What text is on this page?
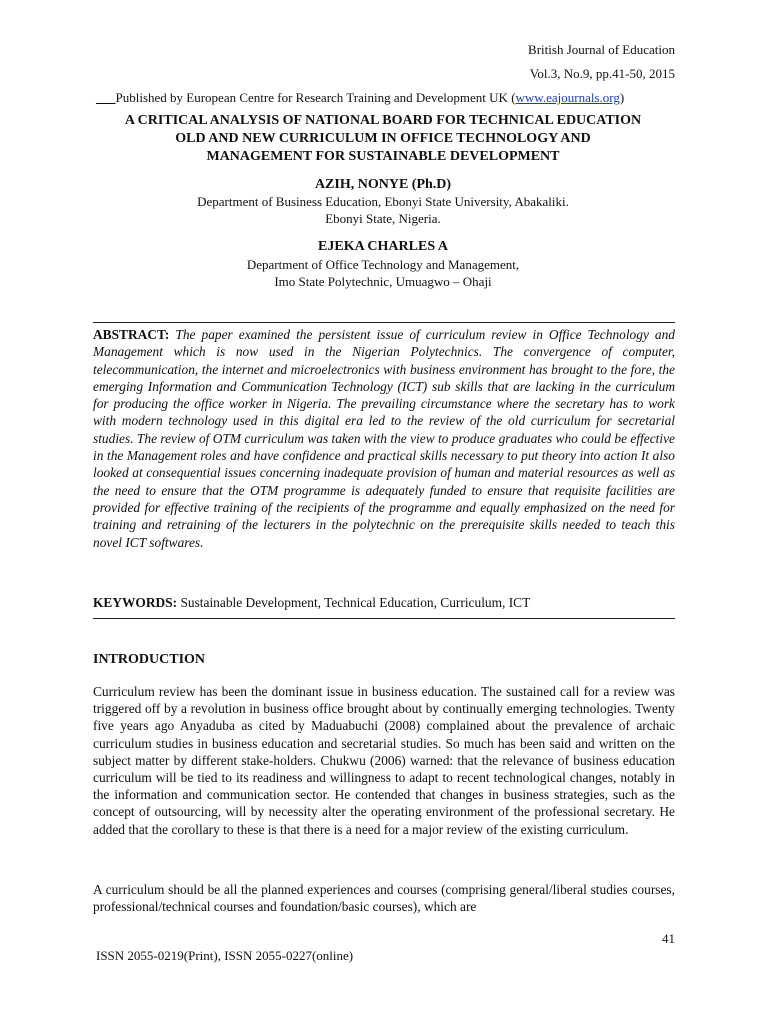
British Journal of Education
Vol.3, No.9, pp.41-50, 2015
___Published by European Centre for Research Training and Development UK (www.eajournals.org)
A CRITICAL ANALYSIS OF NATIONAL BOARD FOR TECHNICAL EDUCATION
OLD AND NEW CURRICULUM IN OFFICE TECHNOLOGY AND
MANAGEMENT FOR SUSTAINABLE DEVELOPMENT
AZIH, NONYE (Ph.D)
Department of Business Education, Ebonyi State University, Abakaliki.
Ebonyi State, Nigeria.
EJEKA CHARLES A
Department of Office Technology and Management,
Imo State Polytechnic, Umuagwo – Ohaji
ABSTRACT: The paper examined the persistent issue of curriculum review in Office Technology and Management which is now used in the Nigerian Polytechnics. The convergence of computer, telecommunication, the internet and microelectronics with business environment has brought to the fore, the emerging Information and Communication Technology (ICT) sub skills that are lacking in the curriculum for producing the office worker in Nigeria. The prevailing circumstance where the secretary has to work with modern technology used in this digital era led to the review of the old curriculum for secretarial studies. The review of OTM curriculum was taken with the view to produce graduates who could be effective in the Management roles and have confidence and practical skills necessary to put theory into action It also looked at consequential issues concerning inadequate provision of human and material resources as well as the need to ensure that the OTM programme is adequately funded to ensure that requisite facilities are provided for effective training of the recipients of the programme and equally emphasized on the need for training and retraining of the lecturers in the polytechnic on the prerequisite skills needed to teach this novel ICT softwares.
KEYWORDS: Sustainable Development, Technical Education, Curriculum, ICT
INTRODUCTION
Curriculum review has been the dominant issue in business education. The sustained call for a review was triggered off by a revolution in business office brought about by continually emerging technologies. Twenty five years ago Anyaduba as cited by Maduabuchi (2008) complained about the prevalence of archaic curriculum studies in business education and secretarial studies. So much has been said and written on the subject matter by different stake-holders. Chukwu (2006) warned: that the relevance of business education curriculum will be tied to its readiness and willingness to adapt to recent technological changes, notably in the information and communication sector. He contended that changes in business strategies, such as the concept of outsourcing, will by necessity alter the operating environment of the professional secretary. He added that the corollary to these is that there is a need for a major review of the existing curriculum.
A curriculum should be all the planned experiences and courses (comprising general/liberal studies courses, professional/technical courses and foundation/basic courses), which are
41
ISSN 2055-0219(Print), ISSN 2055-0227(online)
